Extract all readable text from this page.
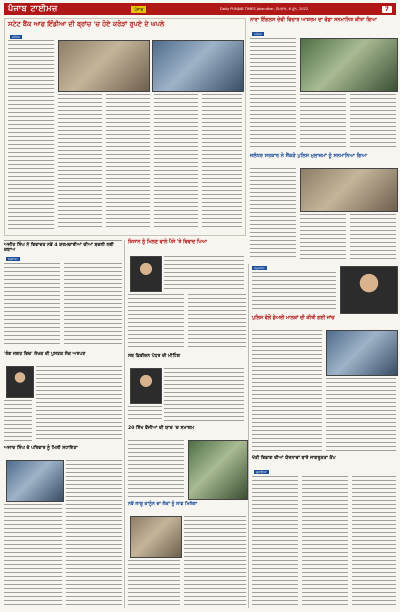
ਪੰਜਾਬ ਟਾਈਮਜ਼	ਪੰਜਾਬ	Daily PUNJAB TIMES Jalandhar, ਸੋਮਵਾਰ, 6 ਜੂਨ, 2022	7
ਸਟੇਟ ਬੈਂਕ ਆਫ ਇੰਡੀਆ ਦੀ ਬ੍ਰਾਂਚ 'ਚ ਹੋਏ ਕਰੋੜਾਂ ਰੁਪਏ ਦੇ ਘਪਲੇ
ਜਲੰਧਰ
ਨਾਰਾ ਇੰਗਲਸ ਦੇਵੀ ਵਿਚਾਰ ਆਸ਼ਰਮ ਦਾ ਵੱਡਾ ਸਨਮਾਨਿਤ ਕੀਤਾ ਗਿਆ
ਨਕੋਦਰ
ਜਲੰਧਰ ਸਰਕਾਰ ਨੇ ਸੈਂਕੜੇ ਪੁਲਿਸ ਮੁਲਾਜ਼ਮਾਂ ਨੂੰ ਸਨਮਾਨਿਆ ਗਿਆ
ਅਜੀਤ ਸਿੰਘ ਨੇ ਵਿਵਾਦਤ ਨਵੇਂ 4 ਕਰਮਚਾਰੀਆਂ ਦੀਆਂ ਬਦਲੀ ਲਈ ਦਬਾਅ
ਫਗਵਾੜਾ
'ਰੰਗ ਜਗਤ ਵਿਚ' ਲੇਖਕ ਦੀ ਪੁਸਤਕ ਲੋਕ ਅਰਪਣ
ਅਜਾਦ ਸਿੰਘ ਦੇ ਪਰਿਵਾਰ ਨੂੰ ਮਿਲੀ ਸਹਾਇਤਾ
ਕਿਸਾਨ ਨੂੰ ਮਿਲਣ ਵਾਲੇ ਪੈਸੇ 'ਤੇ ਵਿਵਾਦ ਪਿਆ
ਸਬ ਡਿਵੀਜ਼ਨ ਪੱਧਰ ਦੀ ਮੀਟਿੰਗ
20 ਸਿੱਖ ਫੌਜੀਆਂ ਦੀ ਯਾਦ 'ਚ ਸਮਾਗਮ
ਨਵੇਂ ਲਾਗੂ ਕਾਨੂੰਨ ਦਾ ਲੋਕਾਂ ਨੂੰ ਲਾਭ ਮਿਲੇਗਾ
ਕਪੂਰਥਲਾ
ਪੁਲਿਸ ਵੱਲੋਂ ਡੇਅਰੀ ਮਾਲਕਾਂ ਦੀ ਕੀਤੀ ਗਈ ਜਾਂਚ
ਖੇਤੀ ਵਿਭਾਗ ਦੀਆਂ ਯੋਜਨਾਵਾਂ ਬਾਰੇ ਜਾਗਰੂਕਤਾ ਕੈਂਪ
ਗੁਰਾਇਆ
